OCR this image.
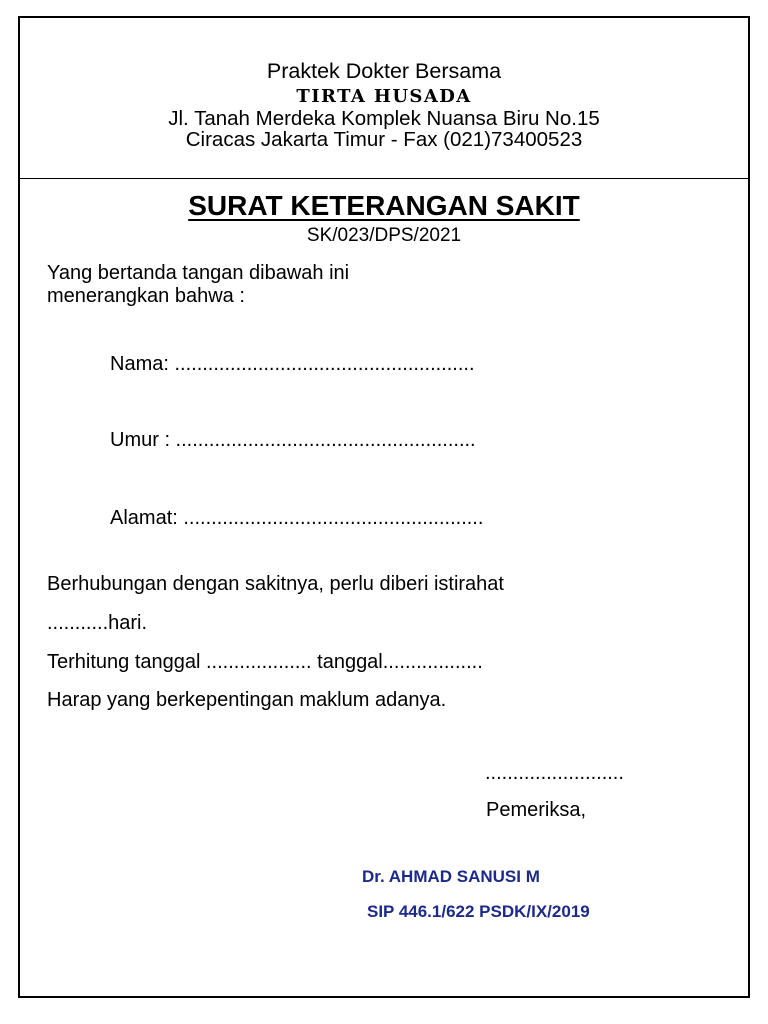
Praktek Dokter Bersama
TIRTA HUSADA
Jl. Tanah Merdeka Komplek Nuansa Biru No.15
Ciracas Jakarta Timur - Fax (021)73400523
SURAT KETERANGAN SAKIT
SK/023/DPS/2021
Yang bertanda tangan dibawah ini
menerangkan bahwa :
Nama: ......................................................
Umur : ......................................................
Alamat: ......................................................
Berhubungan dengan sakitnya, perlu diberi istirahat
...........hari.
Terhitung tanggal ................... tanggal..................
Harap yang berkepentingan maklum adanya.
.........................
Pemeriksa,
Dr. AHMAD SANUSI M
SIP 446.1/622 PSDK/IX/2019
